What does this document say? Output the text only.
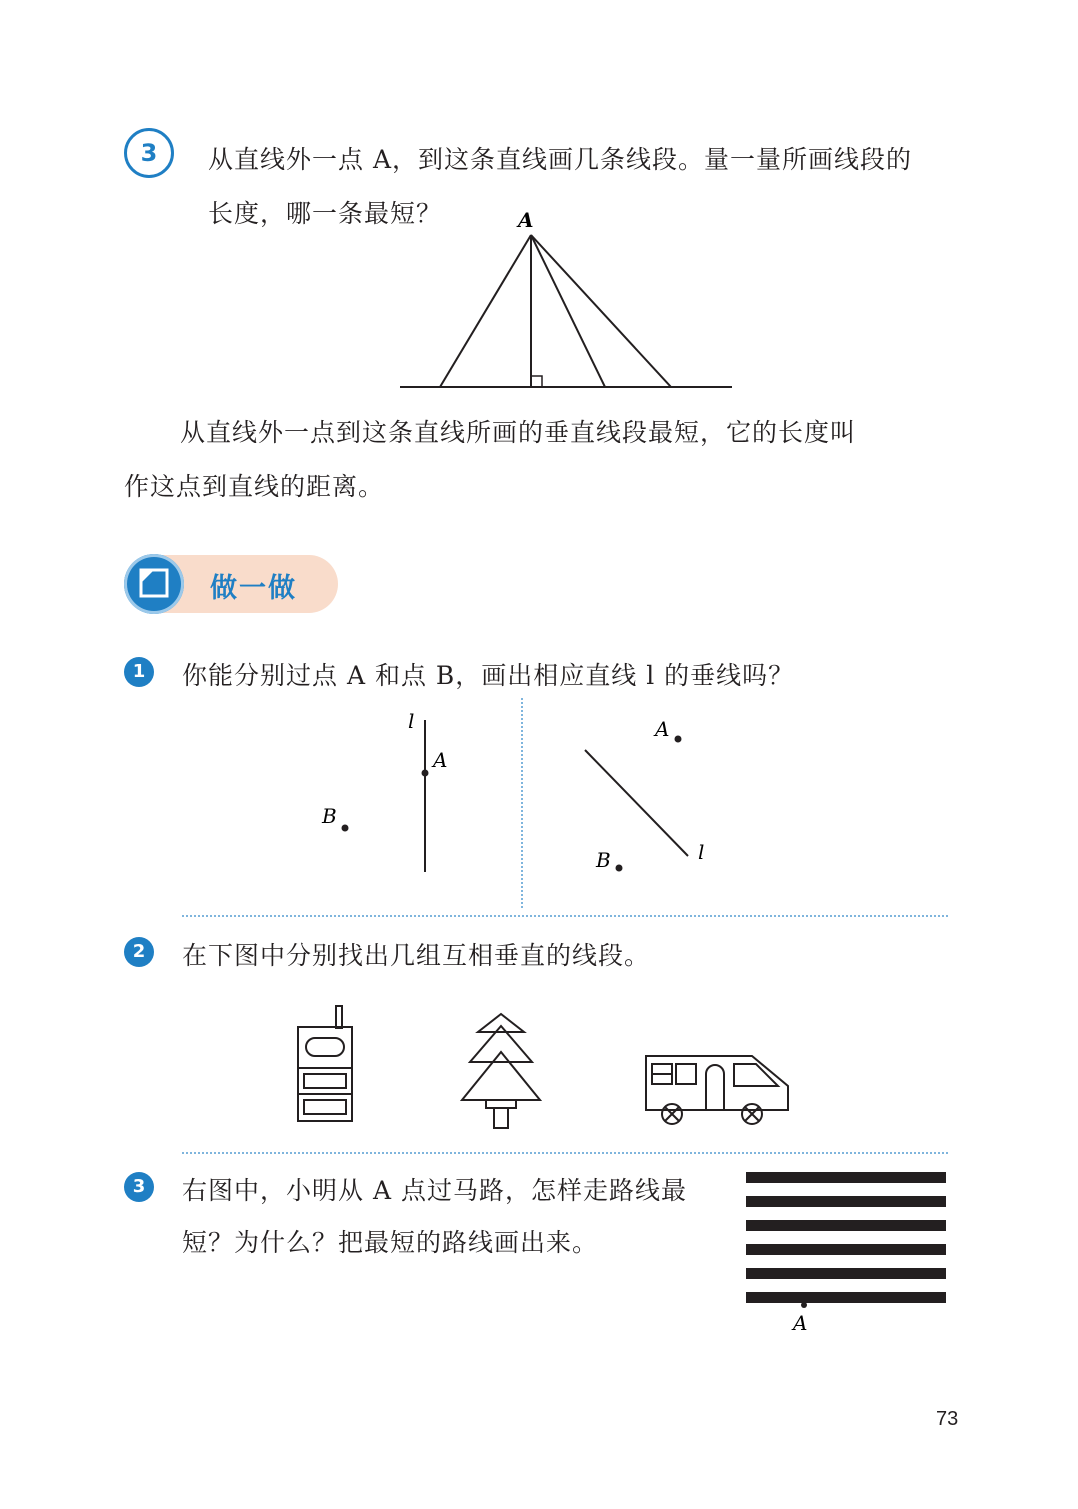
3	从直线外一点 A，到这条直线画几条线段。量一量所画线段的
长度，哪一条最短？	A
从直线外一点到这条直线所画的垂直线段最短，它的长度叫
作这点到直线的距离。
做一做
1	你能分别过点 A 和点 B，画出相应直线 l 的垂线吗？
l
A
B
A
B	l
2	在下图中分别找出几组互相垂直的线段。
3	右图中，小明从 A 点过马路，怎样走路线最
短？为什么？把最短的路线画出来。
A
73
